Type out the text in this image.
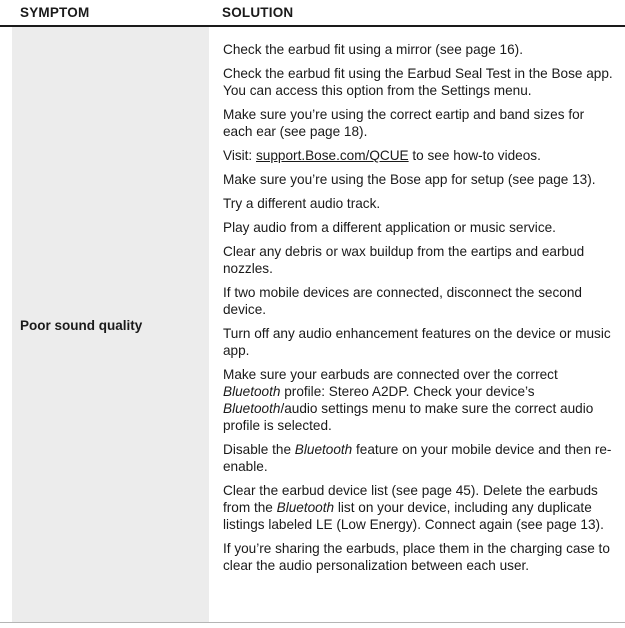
SYMPTOM	SOLUTION
Poor sound quality
Check the earbud fit using a mirror (see page 16).
Check the earbud fit using the Earbud Seal Test in the Bose app. You can access this option from the Settings menu.
Make sure you’re using the correct eartip and band sizes for each ear (see page 18).
Visit: support.Bose.com/QCUE to see how-to videos.
Make sure you’re using the Bose app for setup (see page 13).
Try a different audio track.
Play audio from a different application or music service.
Clear any debris or wax buildup from the eartips and earbud nozzles.
If two mobile devices are connected, disconnect the second device.
Turn off any audio enhancement features on the device or music app.
Make sure your earbuds are connected over the correct Bluetooth profile: Stereo A2DP. Check your device’s Bluetooth/audio settings menu to make sure the correct audio profile is selected.
Disable the Bluetooth feature on your mobile device and then re-enable.
Clear the earbud device list (see page 45). Delete the earbuds from the Bluetooth list on your device, including any duplicate listings labeled LE (Low Energy). Connect again (see page 13).
If you’re sharing the earbuds, place them in the charging case to clear the audio personalization between each user.
